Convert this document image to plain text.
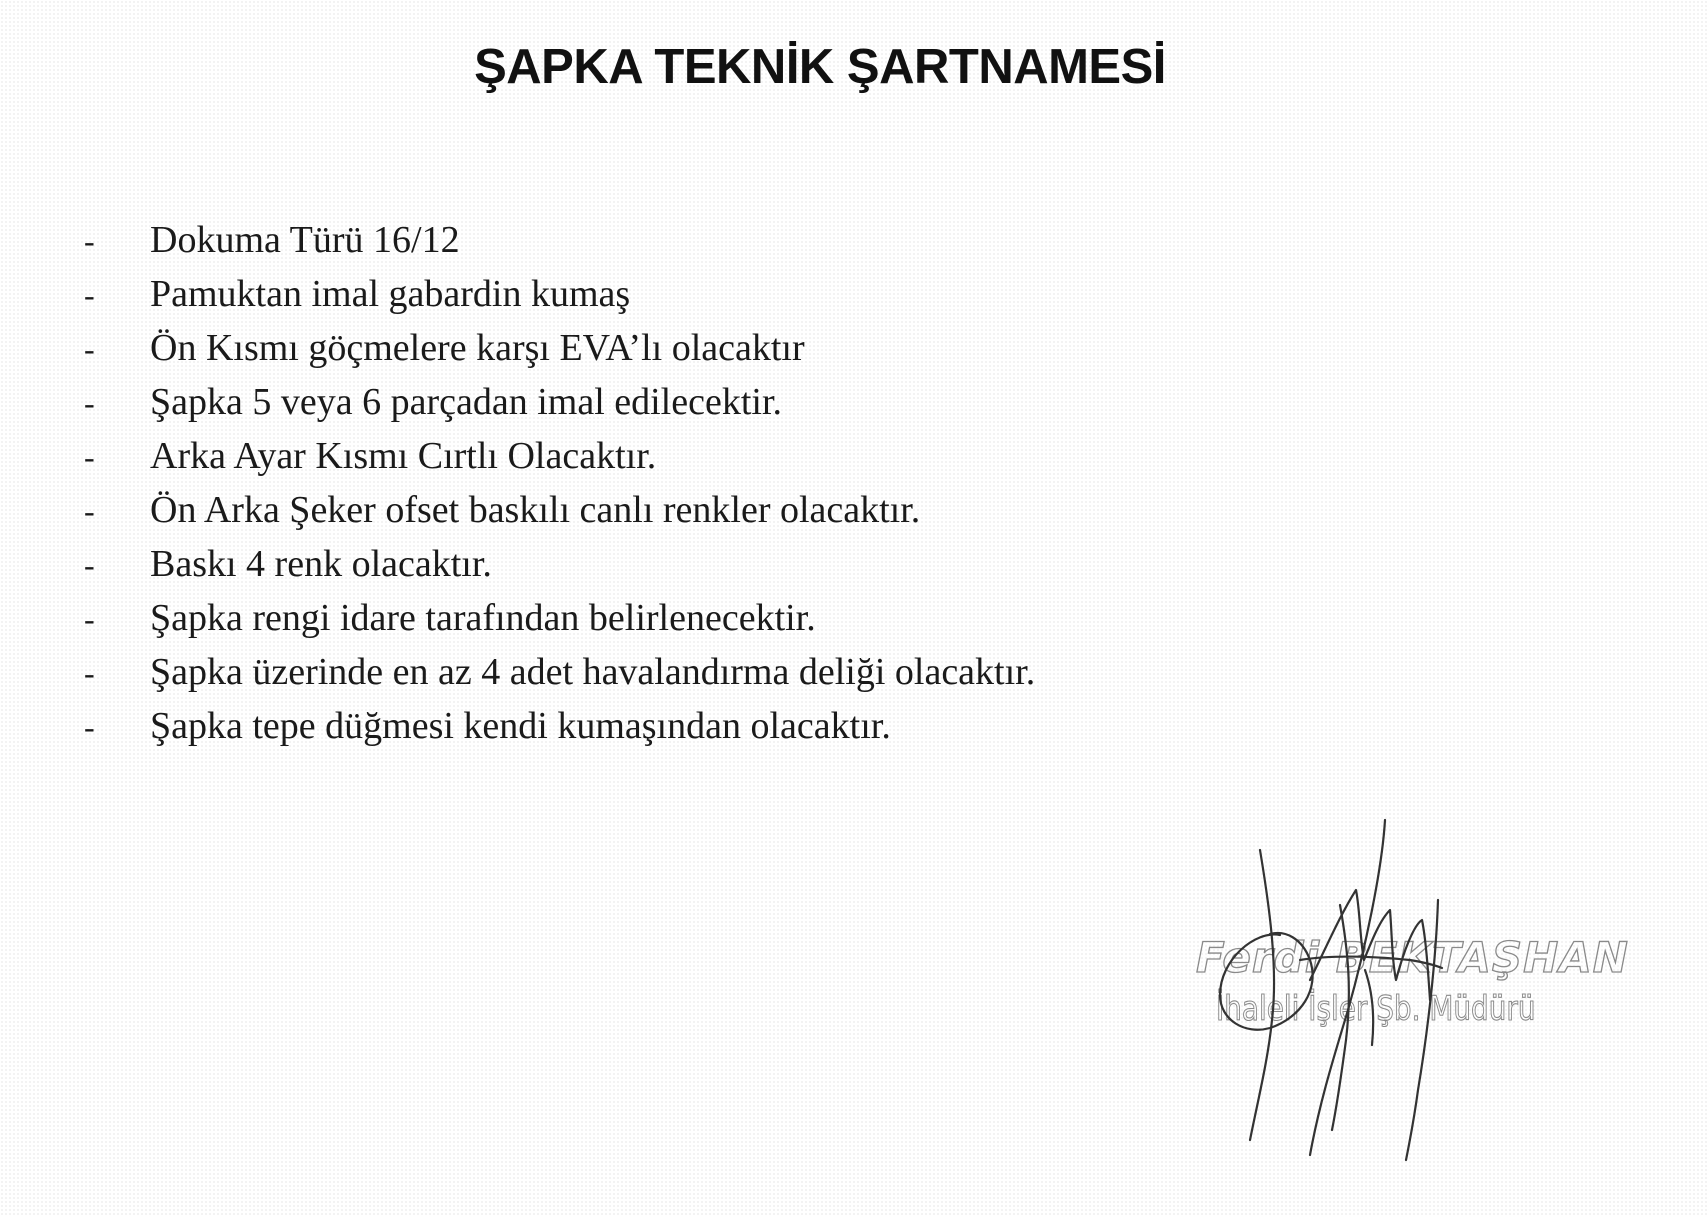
ŞAPKA TEKNİK ŞARTNAMESİ
-	Dokuma Türü 16/12
-	Pamuktan imal gabardin kumaş
-	Ön Kısmı göçmelere karşı EVA’lı olacaktır
-	Şapka 5 veya 6 parçadan imal edilecektir.
-	Arka Ayar Kısmı Cırtlı Olacaktır.
-	Ön Arka Şeker ofset baskılı canlı renkler olacaktır.
-	Baskı 4 renk olacaktır.
-	Şapka rengi idare tarafından belirlenecektir.
-	Şapka üzerinde en az 4 adet havalandırma deliği olacaktır.
-	Şapka tepe düğmesi kendi kumaşından olacaktır.
Ferdi BEKTAŞHAN
İhaleli İşler Şb. Müdürü
